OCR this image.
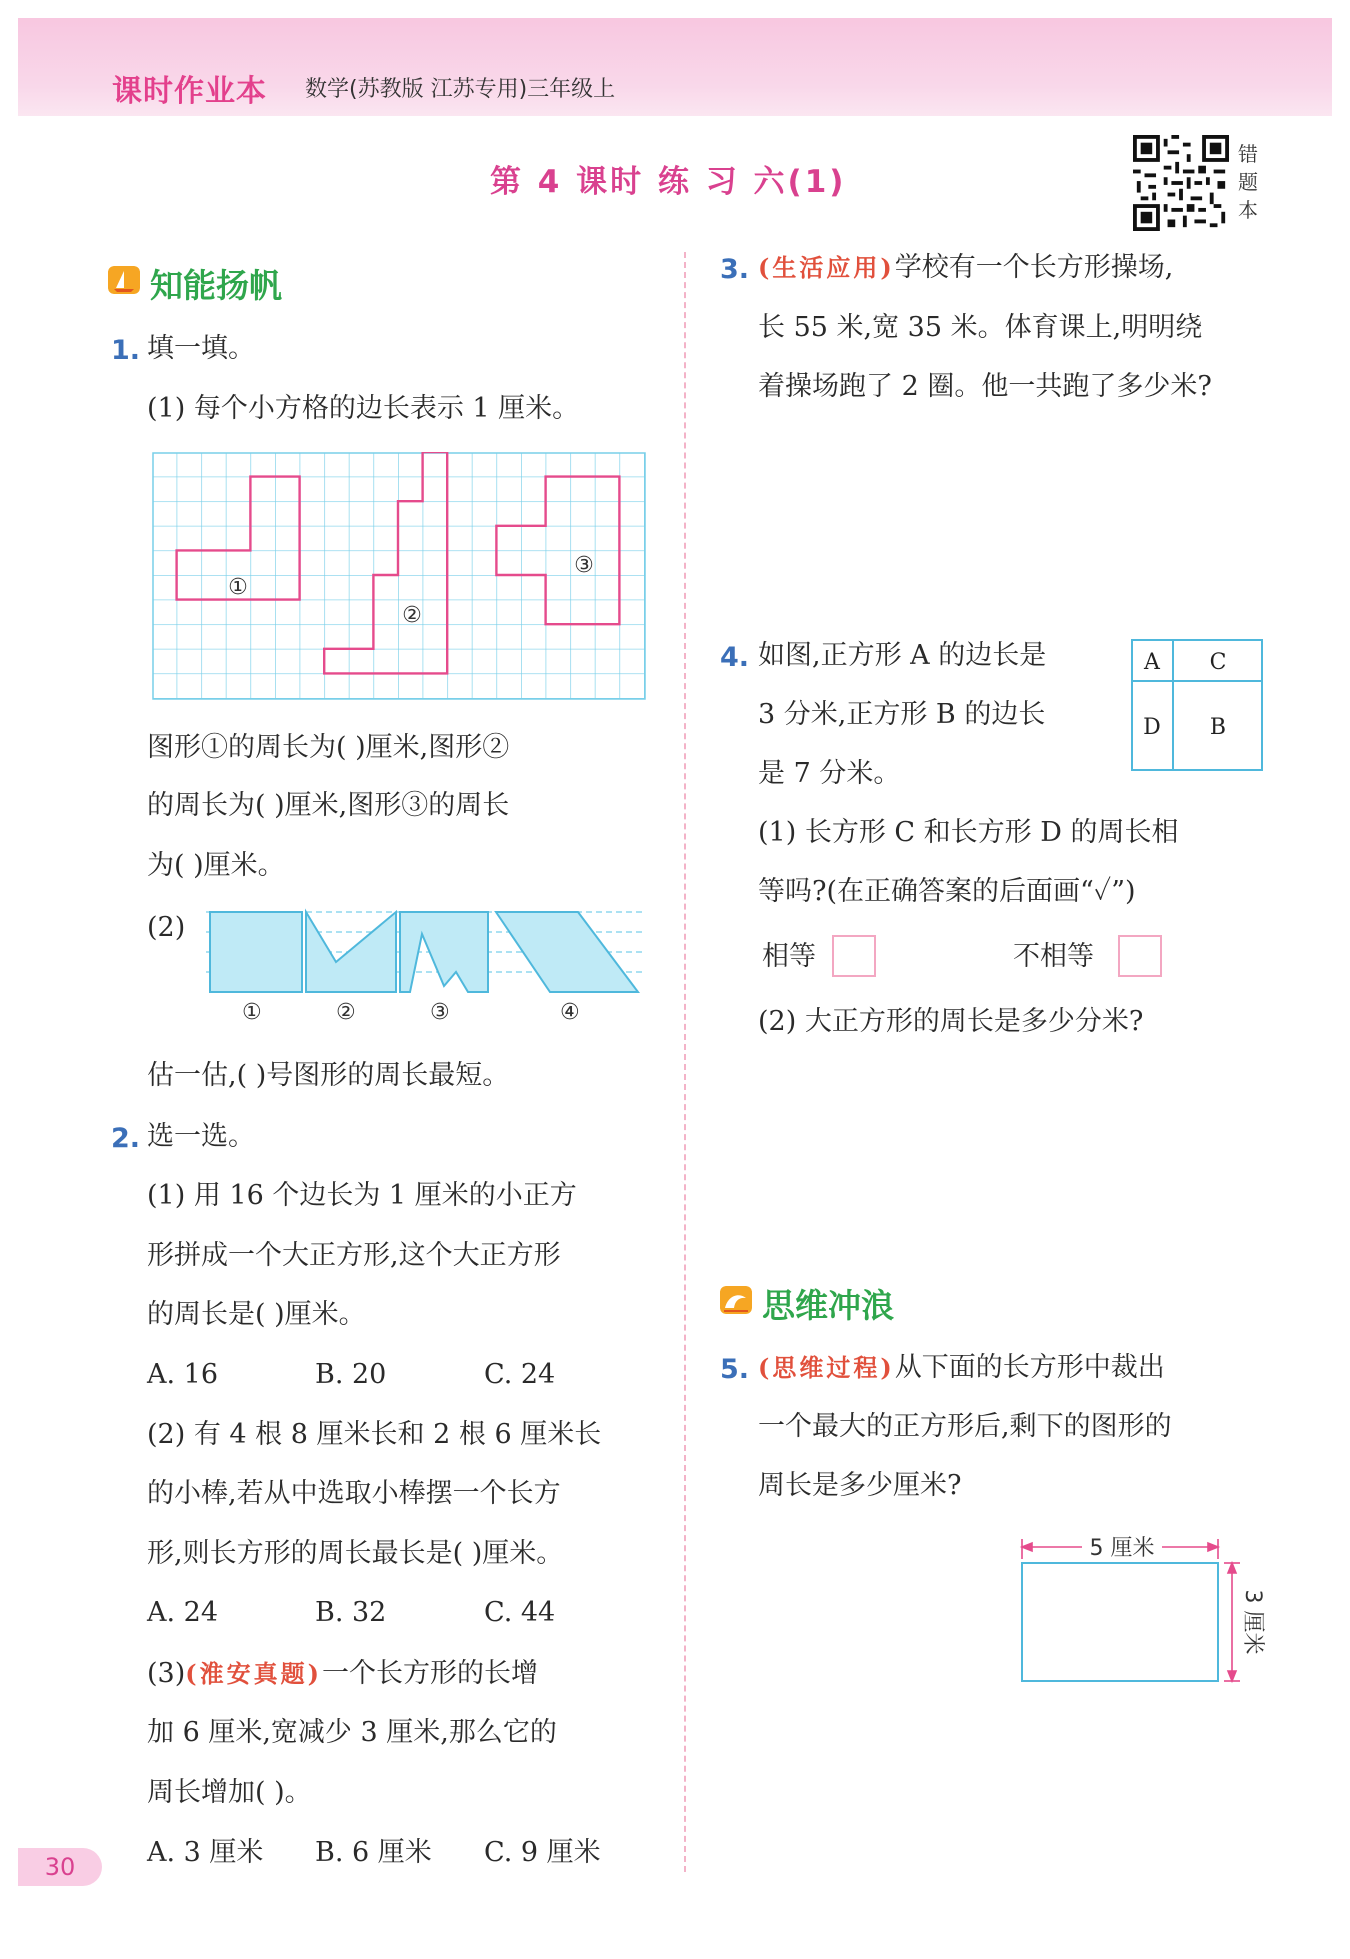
课时作业本 数学(苏教版 江苏专用)三年级上
第 4 课时 练 习 六(1)
错
题
本
知能扬帆
1. 填一填。
(1) 每个小方格的边长表示 1 厘米。
①
②
③
图形①的周长为( )厘米,图形②
的周长为( )厘米,图形③的周长
为( )厘米。
(2)
①	②	③	④
估一估,( )号图形的周长最短。
2. 选一选。
(1) 用 16 个边长为 1 厘米的小正方
形拼成一个大正方形,这个大正方形
的周长是( )厘米。
A. 16	B. 20	C. 24
(2) 有 4 根 8 厘米长和 2 根 6 厘米长
的小棒,若从中选取小棒摆一个长方
形,则长方形的周长最长是( )厘米。
A. 24	B. 32	C. 44
(3)(淮安真题)一个长方形的长增
加 6 厘米,宽减少 3 厘米,那么它的
周长增加( )。
A. 3 厘米 B. 6 厘米 C. 9 厘米
3. (生活应用)学校有一个长方形操场,
长 55 米,宽 35 米。体育课上,明明绕
着操场跑了 2 圈。他一共跑了多少米?
4. 如图,正方形 A 的边长是
3 分米,正方形 B 的边长
是 7 分米。
A C
D B
(1) 长方形 C 和长方形 D 的周长相
等吗?(在正确答案的后面画“✓”)
相等	不相等
(2) 大正方形的周长是多少分米?
思维冲浪
5. (思维过程)从下面的长方形中裁出
一个最大的正方形后,剩下的图形的
周长是多少厘米?
5 厘米
3 厘米
30
